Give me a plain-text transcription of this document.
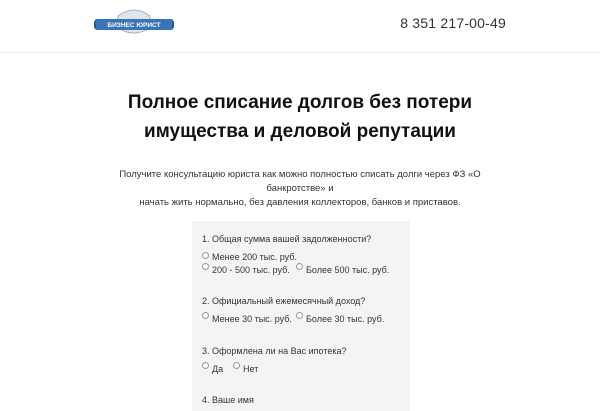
БИЗНЕС ЮРИСТ	8 351 217-00-49
Полное списание долгов без потери
имущества и деловой репутации
Получите консультацию юриста как можно полностью списать долги через ФЗ «О банкротстве» и
начать жить нормально, без давления коллекторов, банков и приставов.
1. Общая сумма вашей задолженности?
Менее 200 тыс. руб.
200 - 500 тыс. руб. Более 500 тыс. руб.
2. Официальный ежемесячный доход?
Менее 30 тыс. руб. Более 30 тыс. руб.
3. Оформлена ли на Вас ипотека?
Да Нет
4. Ваше имя
